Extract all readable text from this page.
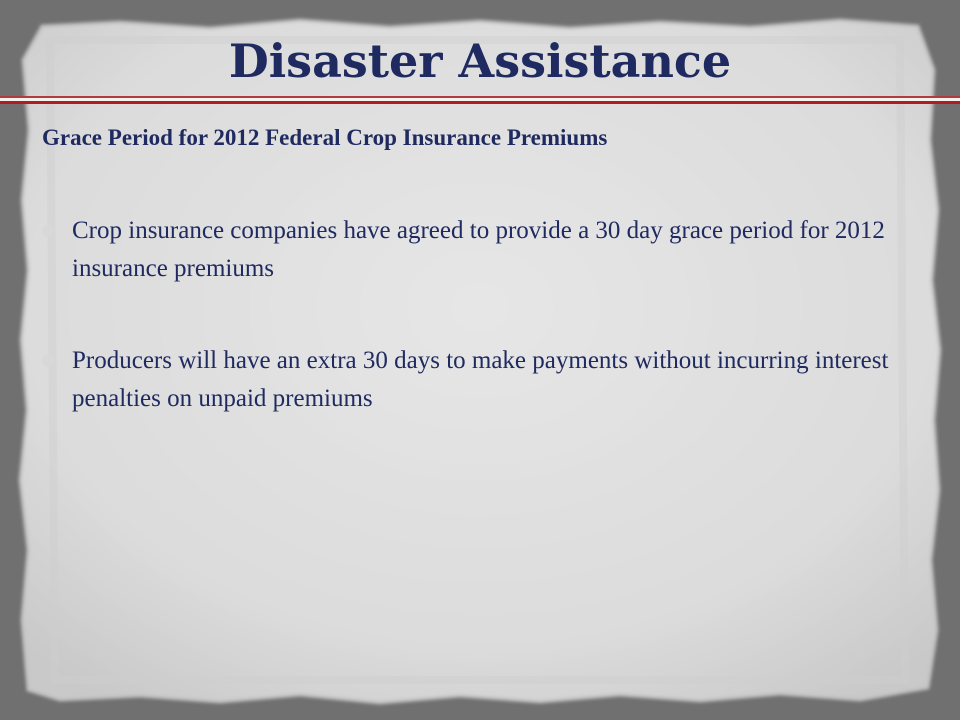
Disaster Assistance

Grace Period for 2012 Federal Crop Insurance Premiums

Crop insurance companies have agreed to provide a 30 day grace period for 2012 insurance premiums
Producers will have an extra 30 days to make payments without incurring interest penalties on unpaid premiums
